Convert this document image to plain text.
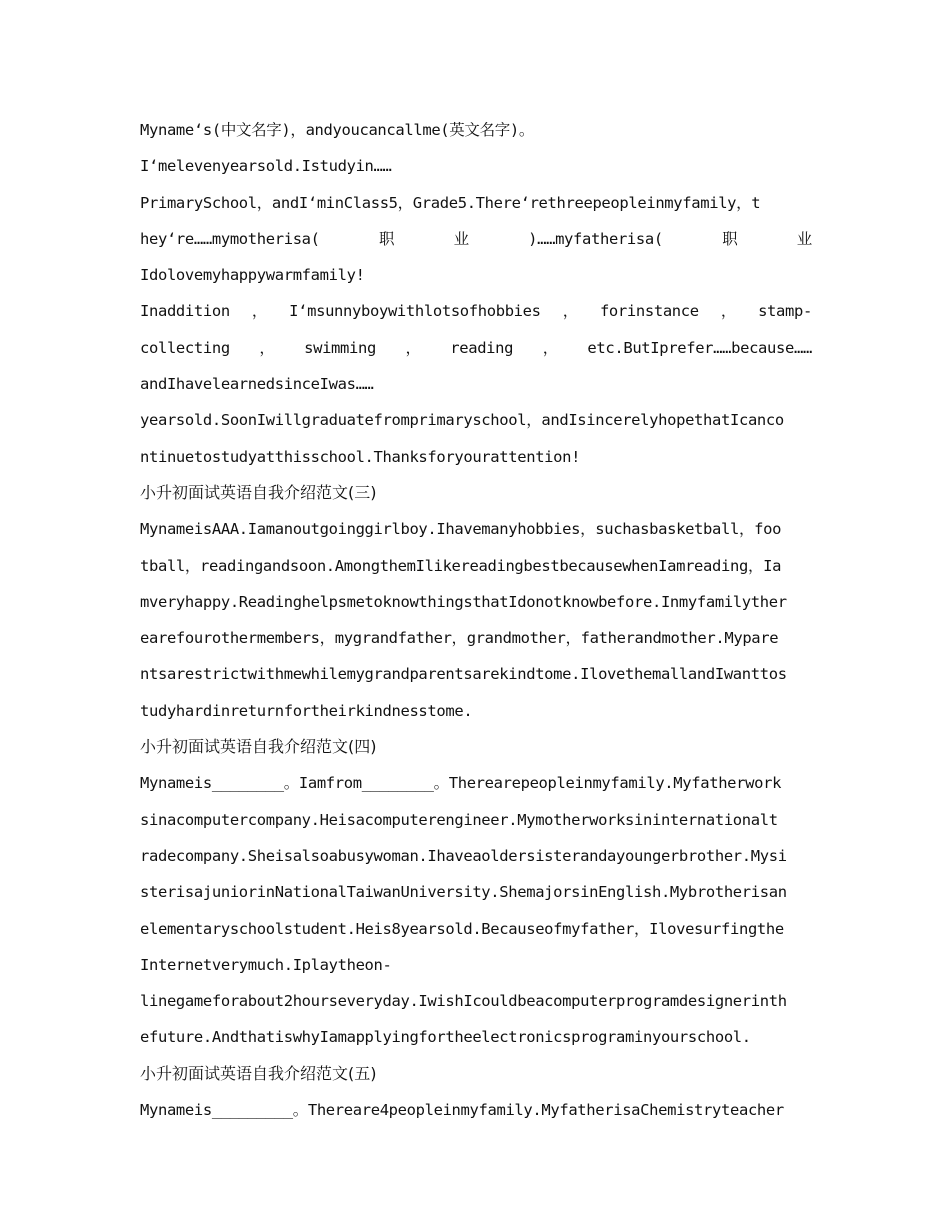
Myname‘s(中文名字)，andyoucancallme(英文名字)。
I‘melevenyearsold.Istudyin……
PrimarySchool，andI‘minClass5，Grade5.There‘rethreepeopleinmyfamily，t
hey‘re……mymotherisa(	职	业	)……myfatherisa(	职	业
Idolovemyhappywarmfamily!
Inaddition ， I‘msunnyboywithlotsofhobbies ， forinstance ， stamp-
collecting ， swimming ， reading ， etc.ButIprefer……because……
andIhavelearnedsinceIwas……
yearsold.SoonIwillgraduatefromprimaryschool，andIsincerelyhopethatIcanco
ntinuetostudyatthisschool.Thanksforyourattention!
小升初面试英语自我介绍范文(三)
MynameisAAA.Iamanoutgoinggirlboy.Ihavemanyhobbies，suchasbasketball，foo
tball，readingandsoon.AmongthemIlikereadingbestbecausewhenIamreading，Ia
mveryhappy.ReadinghelpsmetoknowthingsthatIdonotknowbefore.Inmyfamilyther
earefourothermembers，mygrandfather，grandmother，fatherandmother.Mypare
ntsarestrictwithmewhilemygrandparentsarekindtome.IlovethemallandIwanttos
tudyhardinreturnfortheirkindnesstome.
小升初面试英语自我介绍范文(四)
Mynameis________。Iamfrom________。Therearepeopleinmyfamily.Myfatherwork
sinacomputercompany.Heisacomputerengineer.Mymotherworksininternationalt
radecompany.Sheisalsoabusywoman.Ihaveaoldersisterandayoungerbrother.Mysi
sterisajuniorinNationalTaiwanUniversity.ShemajorsinEnglish.Mybrotherisan
elementaryschoolstudent.Heis8yearsold.Becauseofmyfather，Ilovesurfingthe
Internetverymuch.Iplaytheon-
linegameforabout2hourseveryday.IwishIcouldbeacomputerprogramdesignerinth
efuture.AndthatiswhyIamapplyingfortheelectronicsprograminyourschool.
小升初面试英语自我介绍范文(五)
Mynameis_________。Thereare4peopleinmyfamily.MyfatherisaChemistryteacher
